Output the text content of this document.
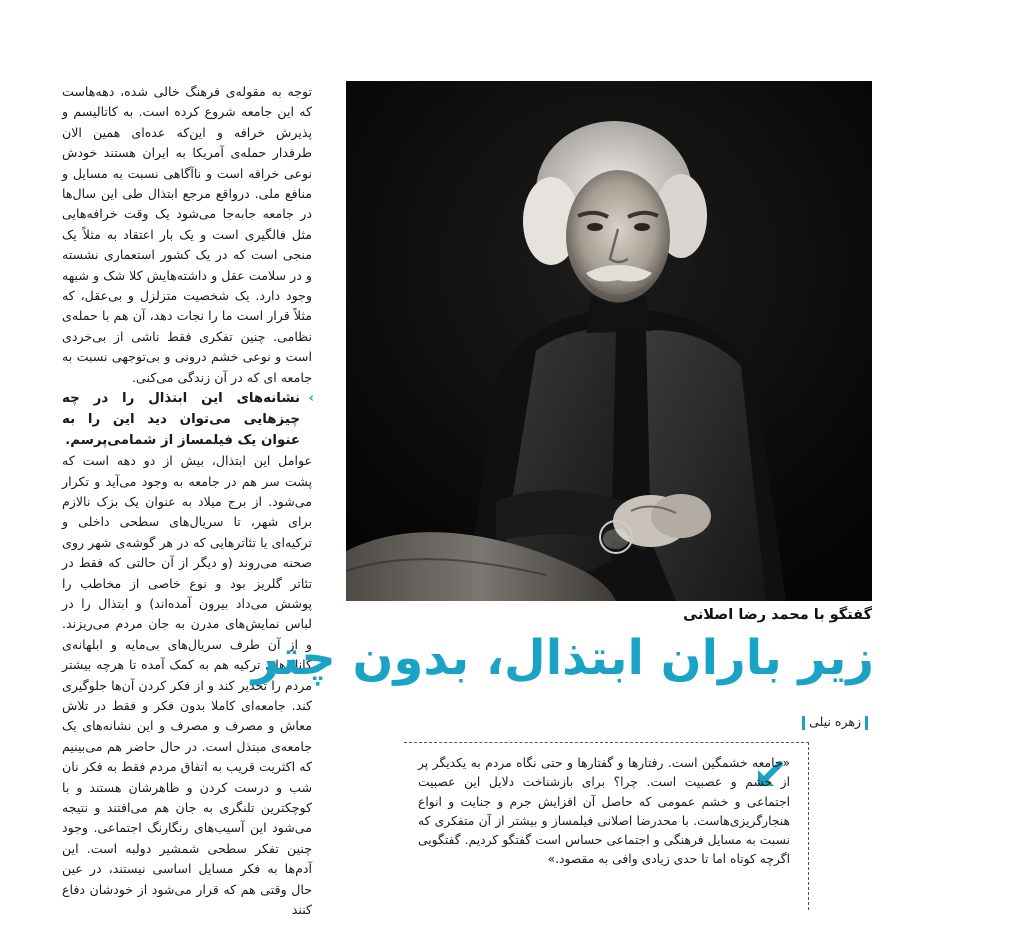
توجه به مقوله‌ی فرهنگ خالی شده، دهه‌هاست که این جامعه شروع کرده است. به کاتالیسم و پذیرش خرافه و این‌که عده‌ای همین الان طرفدار حمله‌ی آمریکا به ایران هستند خودش نوعی خرافه است و ناآگاهی نسبت به مسایل و منافع ملی. درواقع مرجع ابتذال طی این سال‌ها در جامعه جابه‌جا می‌شود یک وقت خرافه‌هایی مثل فالگیری است و یک بار اعتقاد به مثلاً یک منجی است که در یک کشور استعماری نشسته و در سلامت عقل و داشته‌هایش کلا شک و شبهه وجود دارد. یک شخصیت متزلزل و بی‌عقل، که مثلاً قرار است ما را نجات دهد، آن هم با حمله‌ی نظامی. چنین تفکری فقط ناشی از بی‌خردی است و نوعی خشم درونی و بی‌توجهی نسبت به جامعه ای که در آن زندگی می‌کنی.

›
نشانه‌های این ابتذال را در چه چیزهایی می‌توان دید این را به عنوان یک فیلمساز از شمامی‌پرسم.

عوامل این ابتذال، بیش از دو دهه است که پشت سر هم در جامعه به وجود می‌آید و تکرار می‌شود. از برج میلاد به عنوان یک بزک نالازم برای شهر، تا سریال‌های سطحی داخلی و ترکیه‌ای یا تئاترهایی که در هر گوشه‌ی شهر روی صحنه می‌روند (و دیگر از آن حالتی که فقط در تئاتر گلریز بود و نوع خاصی از مخاطب را پوشش می‌داد بیرون آمده‌اند) و ابتذال را در لباس نمایش‌های مدرن به جان مردم می‌ریزند. و از آن طرف سریال‌های بی‌مایه و ابلهانه‌ی کانال‌های ترکیه هم به کمک آمده تا هرچه بیشتر مردم را تخدیر کند و از فکر کردن آن‌ها جلوگیری کند. جامعه‌ای کاملا بدون فکر و فقط در تلاش معاش و مصرف و مصرف و این نشانه‌های یک جامعه‌ی مبتذل است. در حال حاضر هم می‌بینیم که اکثریت قریب به اتفاق مردم فقط به فکر نان شب و درست کردن و ظاهرشان هستند و با کوچکترین تلنگری به جان هم می‌افتند و نتیجه می‌شود این آسیب‌های رنگارنگ اجتماعی. وجود چنین تفکر سطحی شمشیر دولبه است. این آدم‌ها به فکر مسایل اساسی نیستند، در عین حال وقتی هم که قرار می‌شود از خودشان دفاع کنند

گفتگو با محمد رضا اصلانی
زیر باران ابتذال، بدون چتر
زهره نیلی
«جامعه خشمگین است. رفتارها و گفتارها و حتی نگاه مردم به یکدیگر پر از خشم و عصبیت است. چرا؟ برای بازشناخت دلایل این عصبیت اجتماعی و خشم عمومی که حاصل آن افزایش جرم و جنایت و انواع هنجارگریزی‌هاست. با محدرضا اصلانی فیلمساز و بیشتر از آن متفکری که نسبت به مسایل فرهنگی و اجتماعی حساس است گفتگو کردیم. گفتگویی اگرچه کوتاه اما تا حدی زیادی وافی به مقصود.»
